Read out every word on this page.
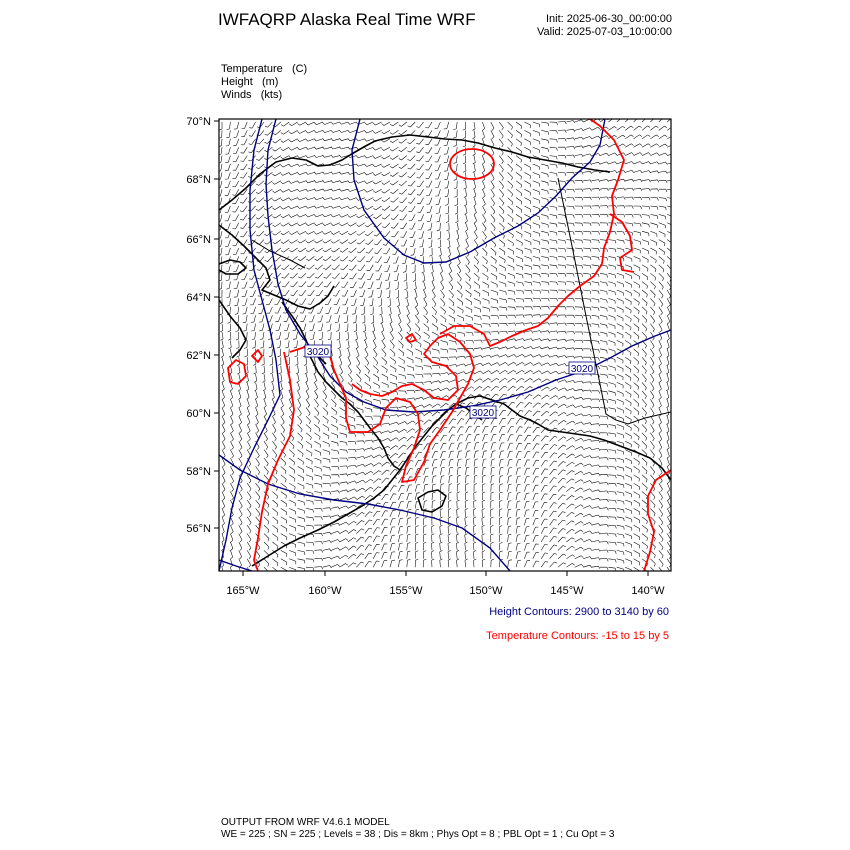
IWFAQRP Alaska Real Time WRF	Init: 2025-06-30_00:00:00
Valid: 2025-07-03_10:00:00
Temperature (C)
Height (m)
Winds (kts)
3020
3020
3020
70°N
68°N
66°N
64°N
62°N
60°N
58°N
56°N
165°W	160°W	155°W	150°W	145°W	140°W
Height Contours: 2900 to 3140 by 60
Temperature Contours: -15 to 15 by 5
OUTPUT FROM WRF V4.6.1 MODEL
WE = 225 ; SN = 225 ; Levels = 38 ; Dis = 8km ; Phys Opt = 8 ; PBL Opt = 1 ; Cu Opt = 3
